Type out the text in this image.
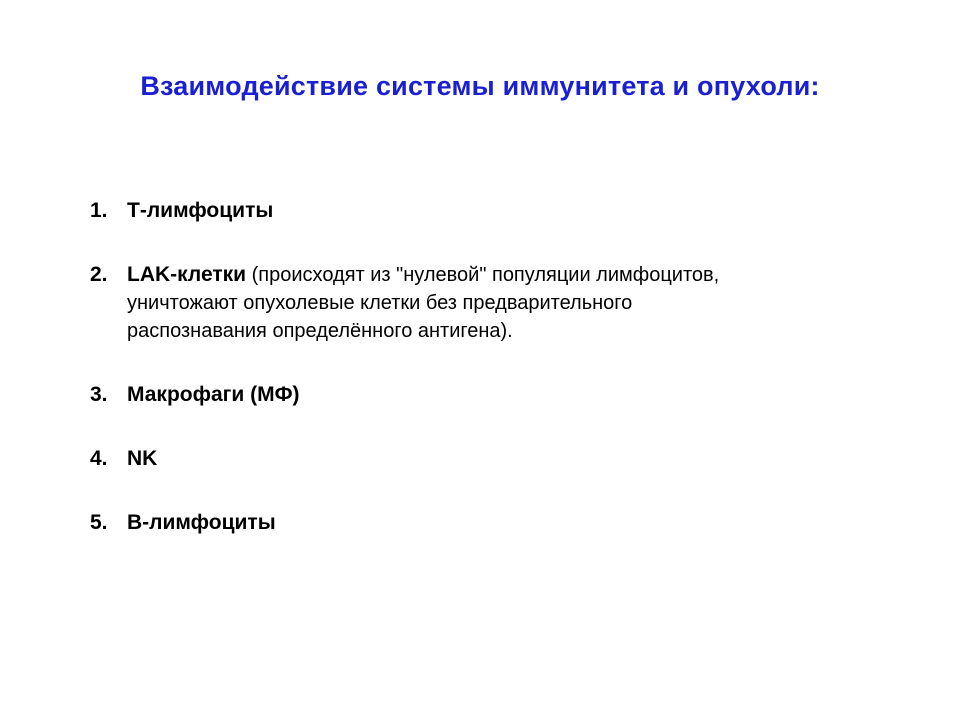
Взаимодействие системы иммунитета и опухоли:
1. Т-лимфоциты
2. LAK-клетки (происходят из "нулевой" популяции лимфоцитов,
уничтожают опухолевые клетки без предварительного
распознавания определённого антигена).
3. Макрофаги (МФ)
4. NK
5. В-лимфоциты
